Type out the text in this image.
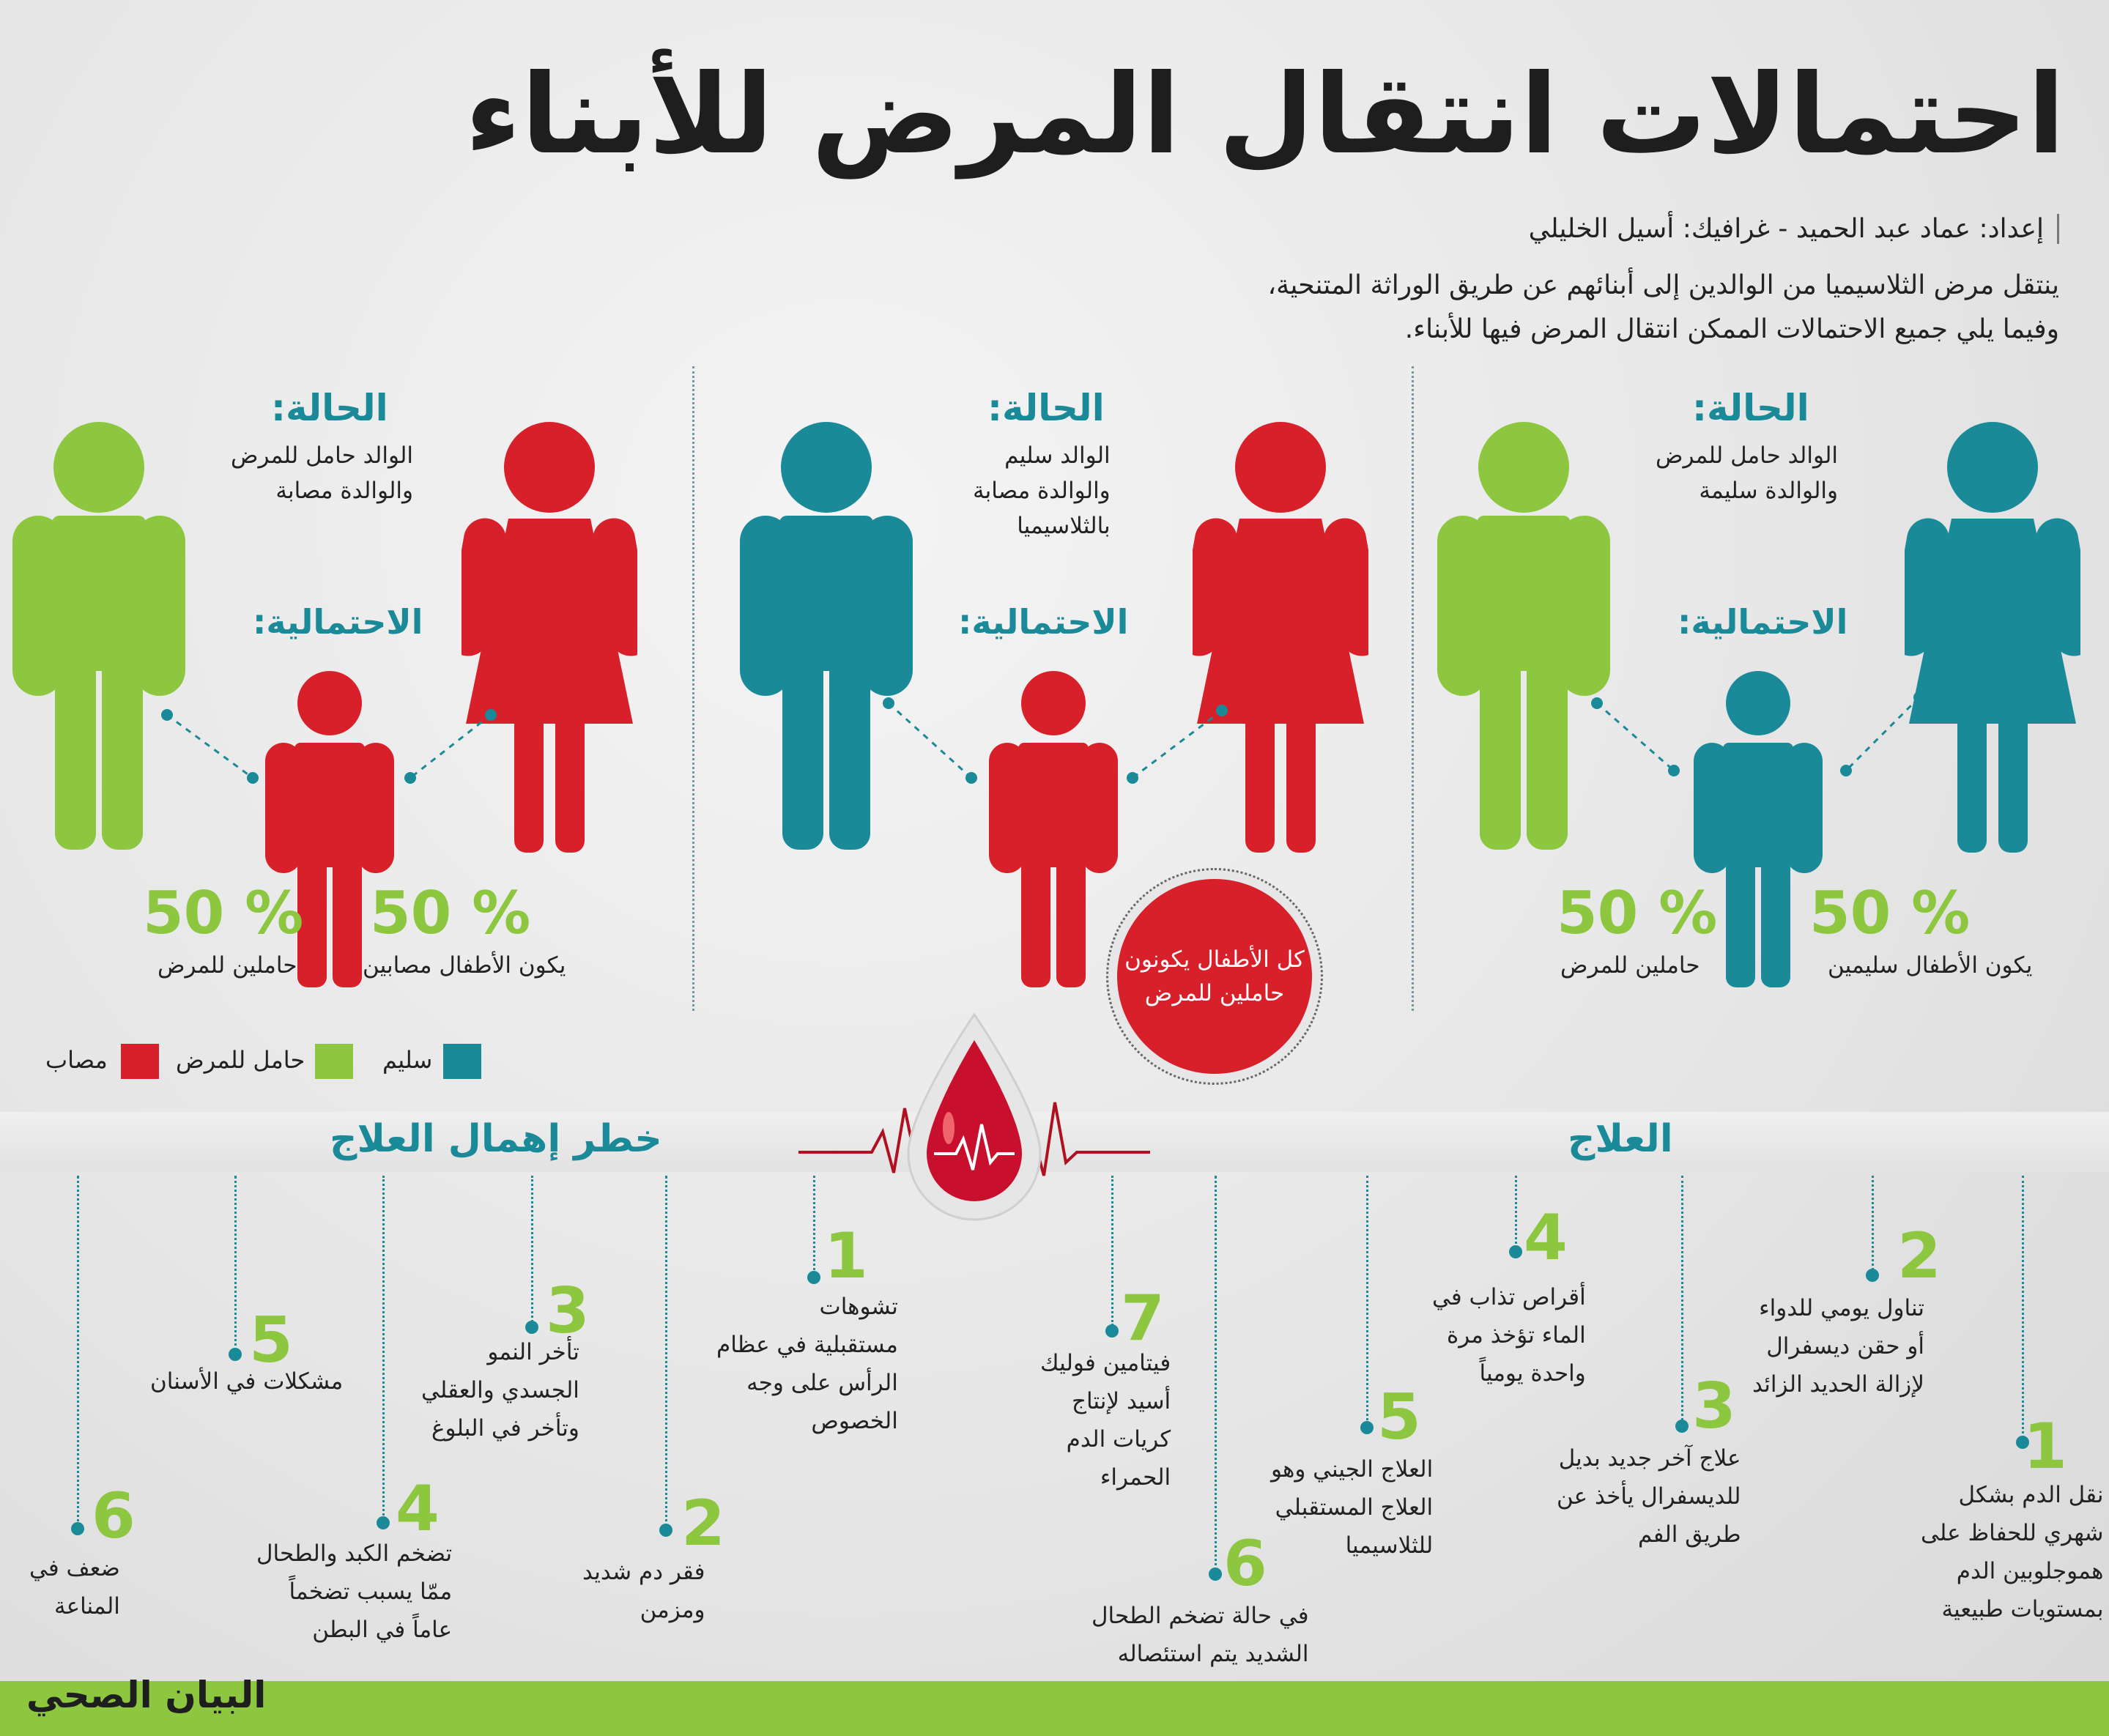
احتمالات انتقال المرض للأبناء
إعداد: عماد عبد الحميد - غرافيك: أسيل الخليلي
ينتقل مرض الثلاسيميا من الوالدين إلى أبنائهم عن طريق الوراثة المتنحية، وفيما يلي جميع الاحتمالات الممكن انتقال المرض فيها للأبناء.
الحالة:
الوالد حامل للمرض
والوالدة سليمة
الاحتمالية:
50 %
يكون الأطفال سليمين
50 %
حاملين للمرض
الحالة:
الوالد سليم
والوالدة مصابة
بالثلاسيميا
الاحتمالية:
كل الأطفال يكونون حاملين للمرض
الحالة:
الوالد حامل للمرض
والوالدة مصابة
الاحتمالية:
50 %
يكون الأطفال مصابين
50 %
حاملين للمرض
سليم
حامل للمرض
مصاب
خطر إهمال العلاج	العلاج
1
نقل الدم بشكل
شهري للحفاظ على
هموجلوبين الدم
بمستويات طبيعية
2
تناول يومي للدواء
أو حقن ديسفرال
لإزالة الحديد الزائد
3
علاج آخر جديد بديل
للديسفرال يأخذ عن
طريق الفم
4
أقراص تذاب في
الماء تؤخذ مرة
واحدة يومياً
5
العلاج الجيني وهو
العلاج المستقبلي
للثلاسيميا
6
في حالة تضخم الطحال
الشديد يتم استئصاله
7
فيتامين فوليك
أسيد لإنتاج
كريات الدم
الحمراء
1
تشوهات
مستقبلية في عظام
الرأس على وجه
الخصوص
2
فقر دم شديد
ومزمن
3
تأخر النمو
الجسدي والعقلي
وتأخر في البلوغ
4
تضخم الكبد والطحال
ممّا يسبب تضخماً
عاماً في البطن
5
مشكلات في الأسنان
6
ضعف في
المناعة
البيان الصحي
